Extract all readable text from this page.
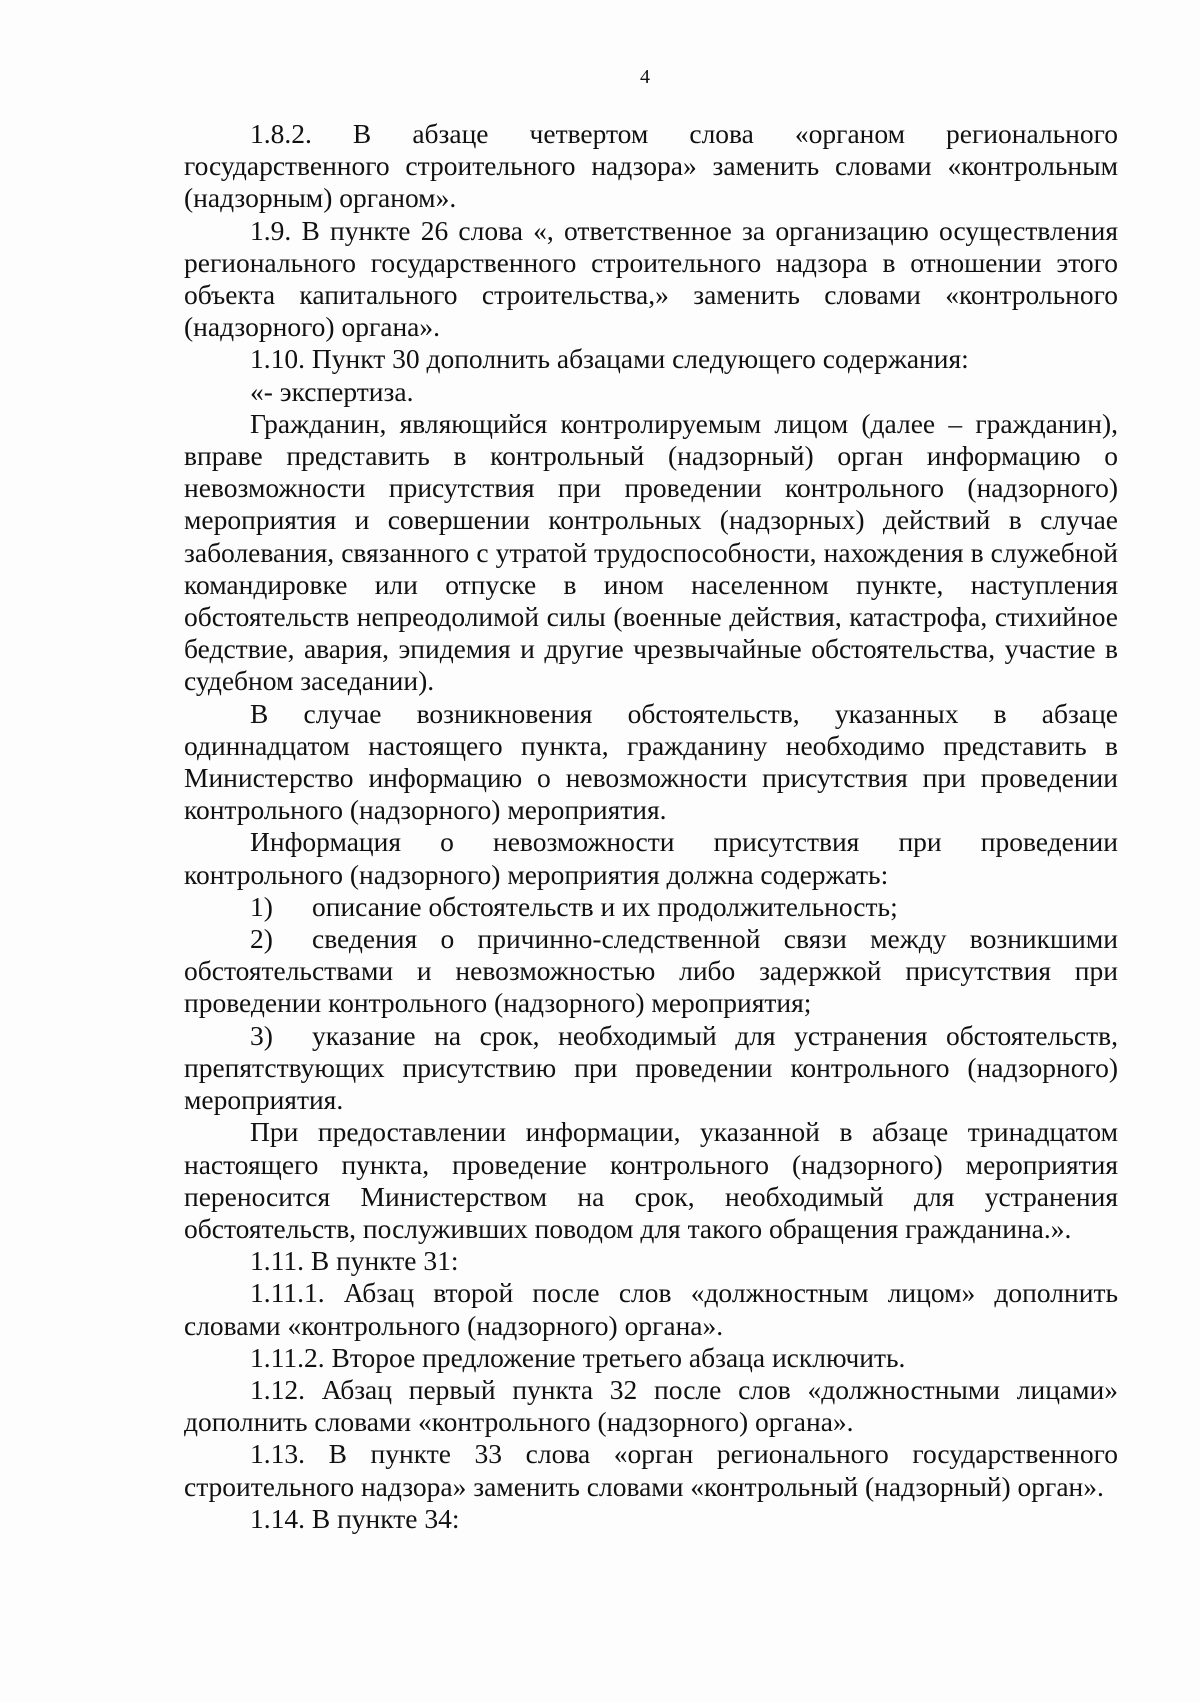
4

1.8.2. В абзаце четвертом слова «органом регионального государственного строительного надзора» заменить словами «контрольным (надзорным) органом».

1.9. В пункте 26 слова «, ответственное за организацию осуществления регионального государственного строительного надзора в отношении этого объекта капитального строительства,» заменить словами «контрольного (надзорного) органа».

1.10. Пункт 30 дополнить абзацами следующего содержания:

«- экспертиза.

Гражданин, являющийся контролируемым лицом (далее – гражданин), вправе представить в контрольный (надзорный) орган информацию о невозможности присутствия при проведении контрольного (надзорного) мероприятия и совершении контрольных (надзорных) действий в случае заболевания, связанного с утратой трудоспособности, нахождения в служебной командировке или отпуске в ином населенном пункте, наступления обстоятельств непреодолимой силы (военные действия, катастрофа, стихийное бедствие, авария, эпидемия и другие чрезвычайные обстоятельства, участие в судебном заседании).

В случае возникновения обстоятельств, указанных в абзаце одиннадцатом настоящего пункта, гражданину необходимо представить в Министерство информацию о невозможности присутствия при проведении контрольного (надзорного) мероприятия.

Информация о невозможности присутствия при проведении контрольного (надзорного) мероприятия должна содержать:

1) описание обстоятельств и их продолжительность;

2) сведения о причинно-следственной связи между возникшими обстоятельствами и невозможностью либо задержкой присутствия при проведении контрольного (надзорного) мероприятия;

3) указание на срок, необходимый для устранения обстоятельств, препятствующих присутствию при проведении контрольного (надзорного) мероприятия.

При предоставлении информации, указанной в абзаце тринадцатом настоящего пункта, проведение контрольного (надзорного) мероприятия переносится Министерством на срок, необходимый для устранения обстоятельств, послуживших поводом для такого обращения гражданина.».

1.11. В пункте 31:

1.11.1. Абзац второй после слов «должностным лицом» дополнить словами «контрольного (надзорного) органа».

1.11.2. Второе предложение третьего абзаца исключить.

1.12. Абзац первый пункта 32 после слов «должностными лицами» дополнить словами «контрольного (надзорного) органа».

1.13. В пункте 33 слова «орган регионального государственного строительного надзора» заменить словами «контрольный (надзорный) орган».

1.14. В пункте 34:
